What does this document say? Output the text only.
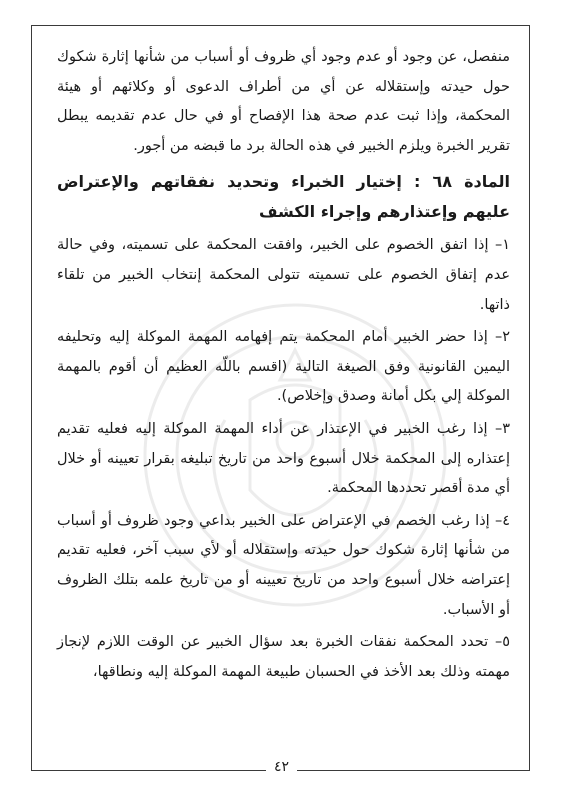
منفصل، عن وجود أو عدم وجود أي ظروف أو أسباب من شأنها إثارة شكوك حول حيدته وإستقلاله عن أي من أطراف الدعوى أو وكلائهم أو هيئة المحكمة، وإذا ثبت عدم صحة هذا الإفصاح أو في حال عدم تقديمه يبطل تقرير الخبرة ويلزم الخبير في هذه الحالة برد ما قبضه من أجور.

المادة ٦٨ : إختيار الخبراء وتحديد نفقاتهم والإعتراض عليهم وإعتذارهم وإجراء الكشف

١– إذا اتفق الخصوم على الخبير، وافقت المحكمة على تسميته، وفي حالة عدم إتفاق الخصوم على تسميته تتولى المحكمة إنتخاب الخبير من تلقاء ذاتها.

٢– إذا حضر الخبير أمام المحكمة يتم إفهامه المهمة الموكلة إليه وتحليفه اليمين القانونية وفق الصيغة التالية (اقسم باللّه العظيم أن أقوم بالمهمة الموكلة إلي بكل أمانة وصدق وإخلاص).

٣– إذا رغب الخبير في الإعتذار عن أداء المهمة الموكلة إليه فعليه تقديم إعتذاره إلى المحكمة خلال أسبوع واحد من تاريخ تبليغه بقرار تعيينه أو خلال أي مدة أقصر تحددها المحكمة.

٤– إذا رغب الخصم في الإعتراض على الخبير بداعي وجود ظروف أو أسباب من شأنها إثارة شكوك حول حيدته وإستقلاله أو لأي سبب آخر، فعليه تقديم إعتراضه خلال أسبوع واحد من تاريخ تعيينه أو من تاريخ علمه بتلك الظروف أو الأسباب.

٥– تحدد المحكمة نفقات الخبرة بعد سؤال الخبير عن الوقت اللازم لإنجاز مهمته وذلك بعد الأخذ في الحسبان طبيعة المهمة الموكلة إليه ونطاقها،

٤٢
